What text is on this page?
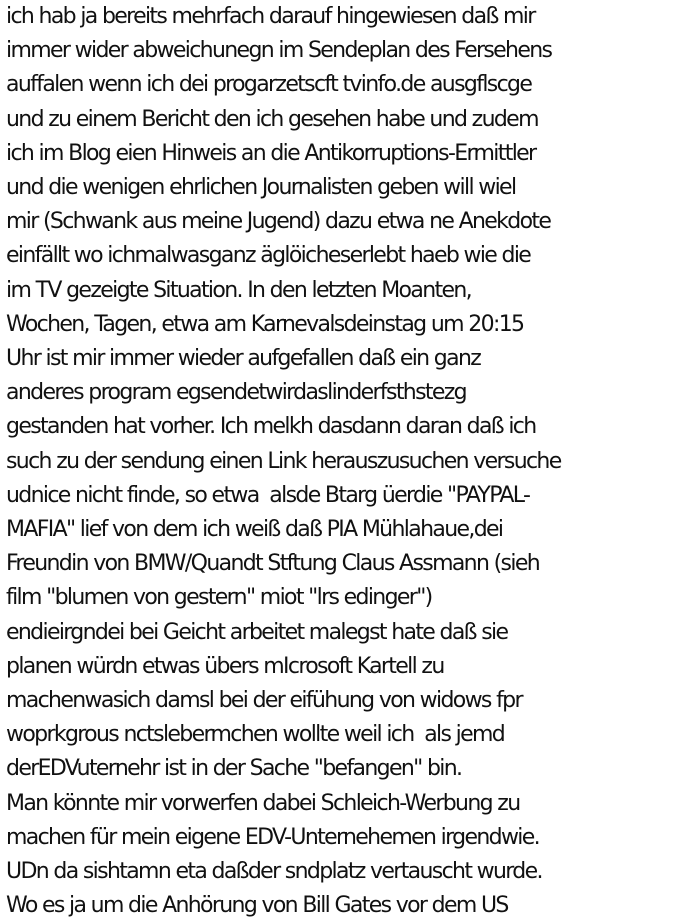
ich hab ja bereits mehrfach darauf hingewiesen daß mir
immer wider abweichunegn im Sendeplan des Fersehens
auffalen wenn ich dei progarzetscft tvinfo.de ausgflscge
und zu einem Bericht den ich gesehen habe und zudem
ich im Blog eien Hinweis an die Antikorruptions-Ermittler
und die wenigen ehrlichen Journalisten geben will wiel
mir (Schwank aus meine Jugend) dazu etwa ne Anekdote
einfällt wo ichmalwasganz äglöicheserlebt haeb wie die
im TV gezeigte Situation. In den letzten Moanten,
Wochen, Tagen, etwa am Karnevalsdeinstag um 20:15
Uhr ist mir immer wieder aufgefallen daß ein ganz
anderes program egsendetwirdaslinderfsthstezg
gestanden hat vorher. Ich melkh dasdann daran daß ich
such zu der sendung einen Link herauszusuchen versuche
udnice nicht finde, so etwa  alsde Btarg üerdie "PAYPAL-
MAFIA" lief von dem ich weiß daß PIA Mühlahaue,dei
Freundin von BMW/Quandt Stftung Claus Assmann (sieh
film "blumen von gestern" miot "lrs edinger")
endieirgndei bei Geicht arbeitet malegst hate daß sie
planen würdn etwas übers mIcrosoft Kartell zu
machenwasich damsl bei der eifühung von widows fpr
woprkgrous nctslebermchen wollte weil ich  als jemd
derEDVuternehr ist in der Sache "befangen" bin.
Man könnte mir vorwerfen dabei Schleich-Werbung zu
machen für mein eigene EDV-Unternehemen irgendwie.
UDn da sishtamn eta daßder sndplatz vertauscht wurde.
Wo es ja um die Anhörung von Bill Gates vor dem US
